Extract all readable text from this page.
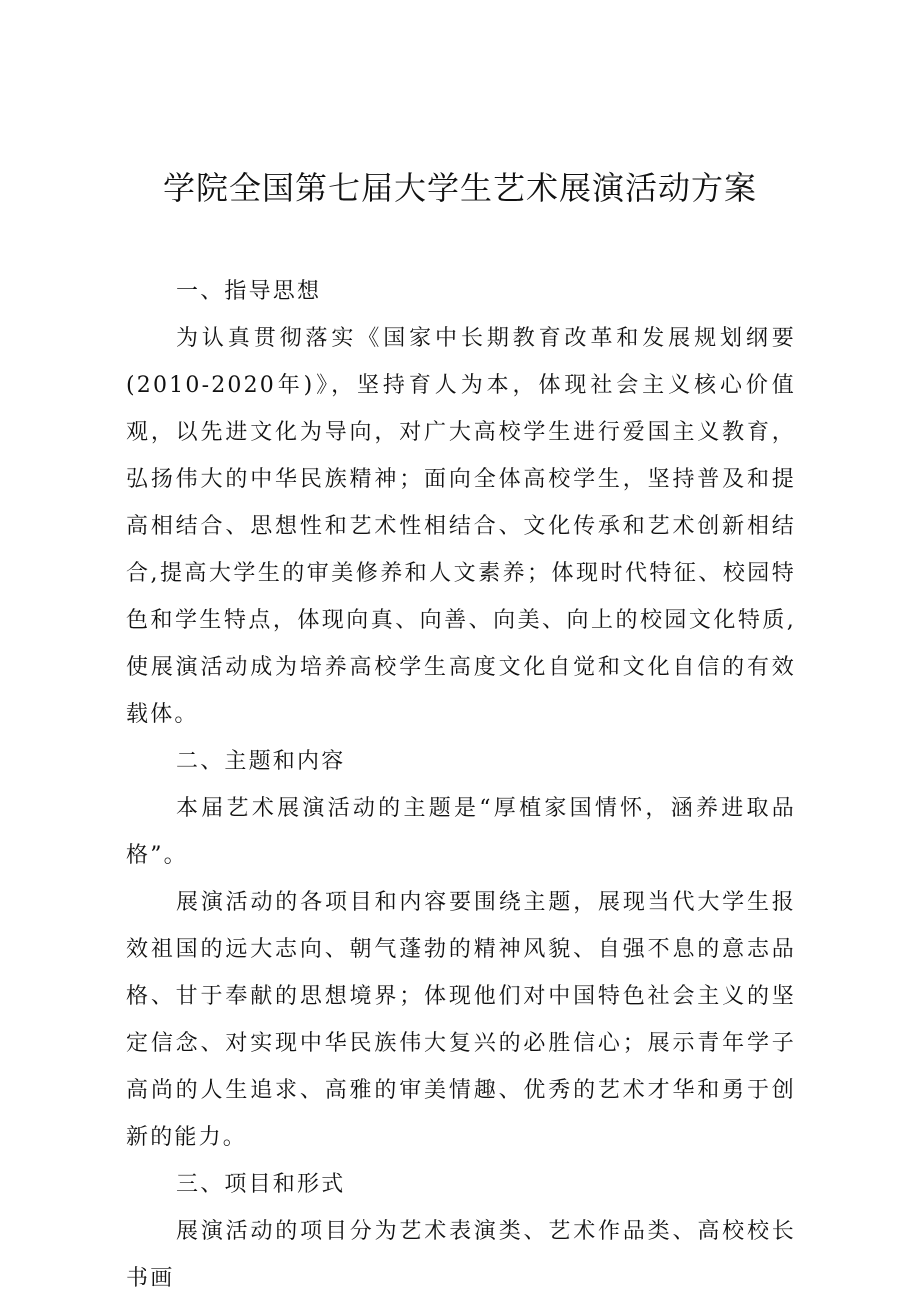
学院全国第七届大学生艺术展演活动方案

一、指导思想

为认真贯彻落实《国家中长期教育改革和发展规划纲要(2010-2020年)》，坚持育人为本，体现社会主义核心价值观，以先进文化为导向，对广大高校学生进行爱国主义教育，弘扬伟大的中华民族精神；面向全体高校学生，坚持普及和提高相结合、思想性和艺术性相结合、文化传承和艺术创新相结合,提高大学生的审美修养和人文素养；体现时代特征、校园特色和学生特点，体现向真、向善、向美、向上的校园文化特质,使展演活动成为培养高校学生高度文化自觉和文化自信的有效载体。

二、主题和内容

本届艺术展演活动的主题是“厚植家国情怀，涵养进取品格”。

展演活动的各项目和内容要围绕主题，展现当代大学生报效祖国的远大志向、朝气蓬勃的精神风貌、自强不息的意志品格、甘于奉献的思想境界；体现他们对中国特色社会主义的坚定信念、对实现中华民族伟大复兴的必胜信心；展示青年学子高尚的人生追求、高雅的审美情趣、优秀的艺术才华和勇于创新的能力。

三、项目和形式

展演活动的项目分为艺术表演类、艺术作品类、高校校长书画
